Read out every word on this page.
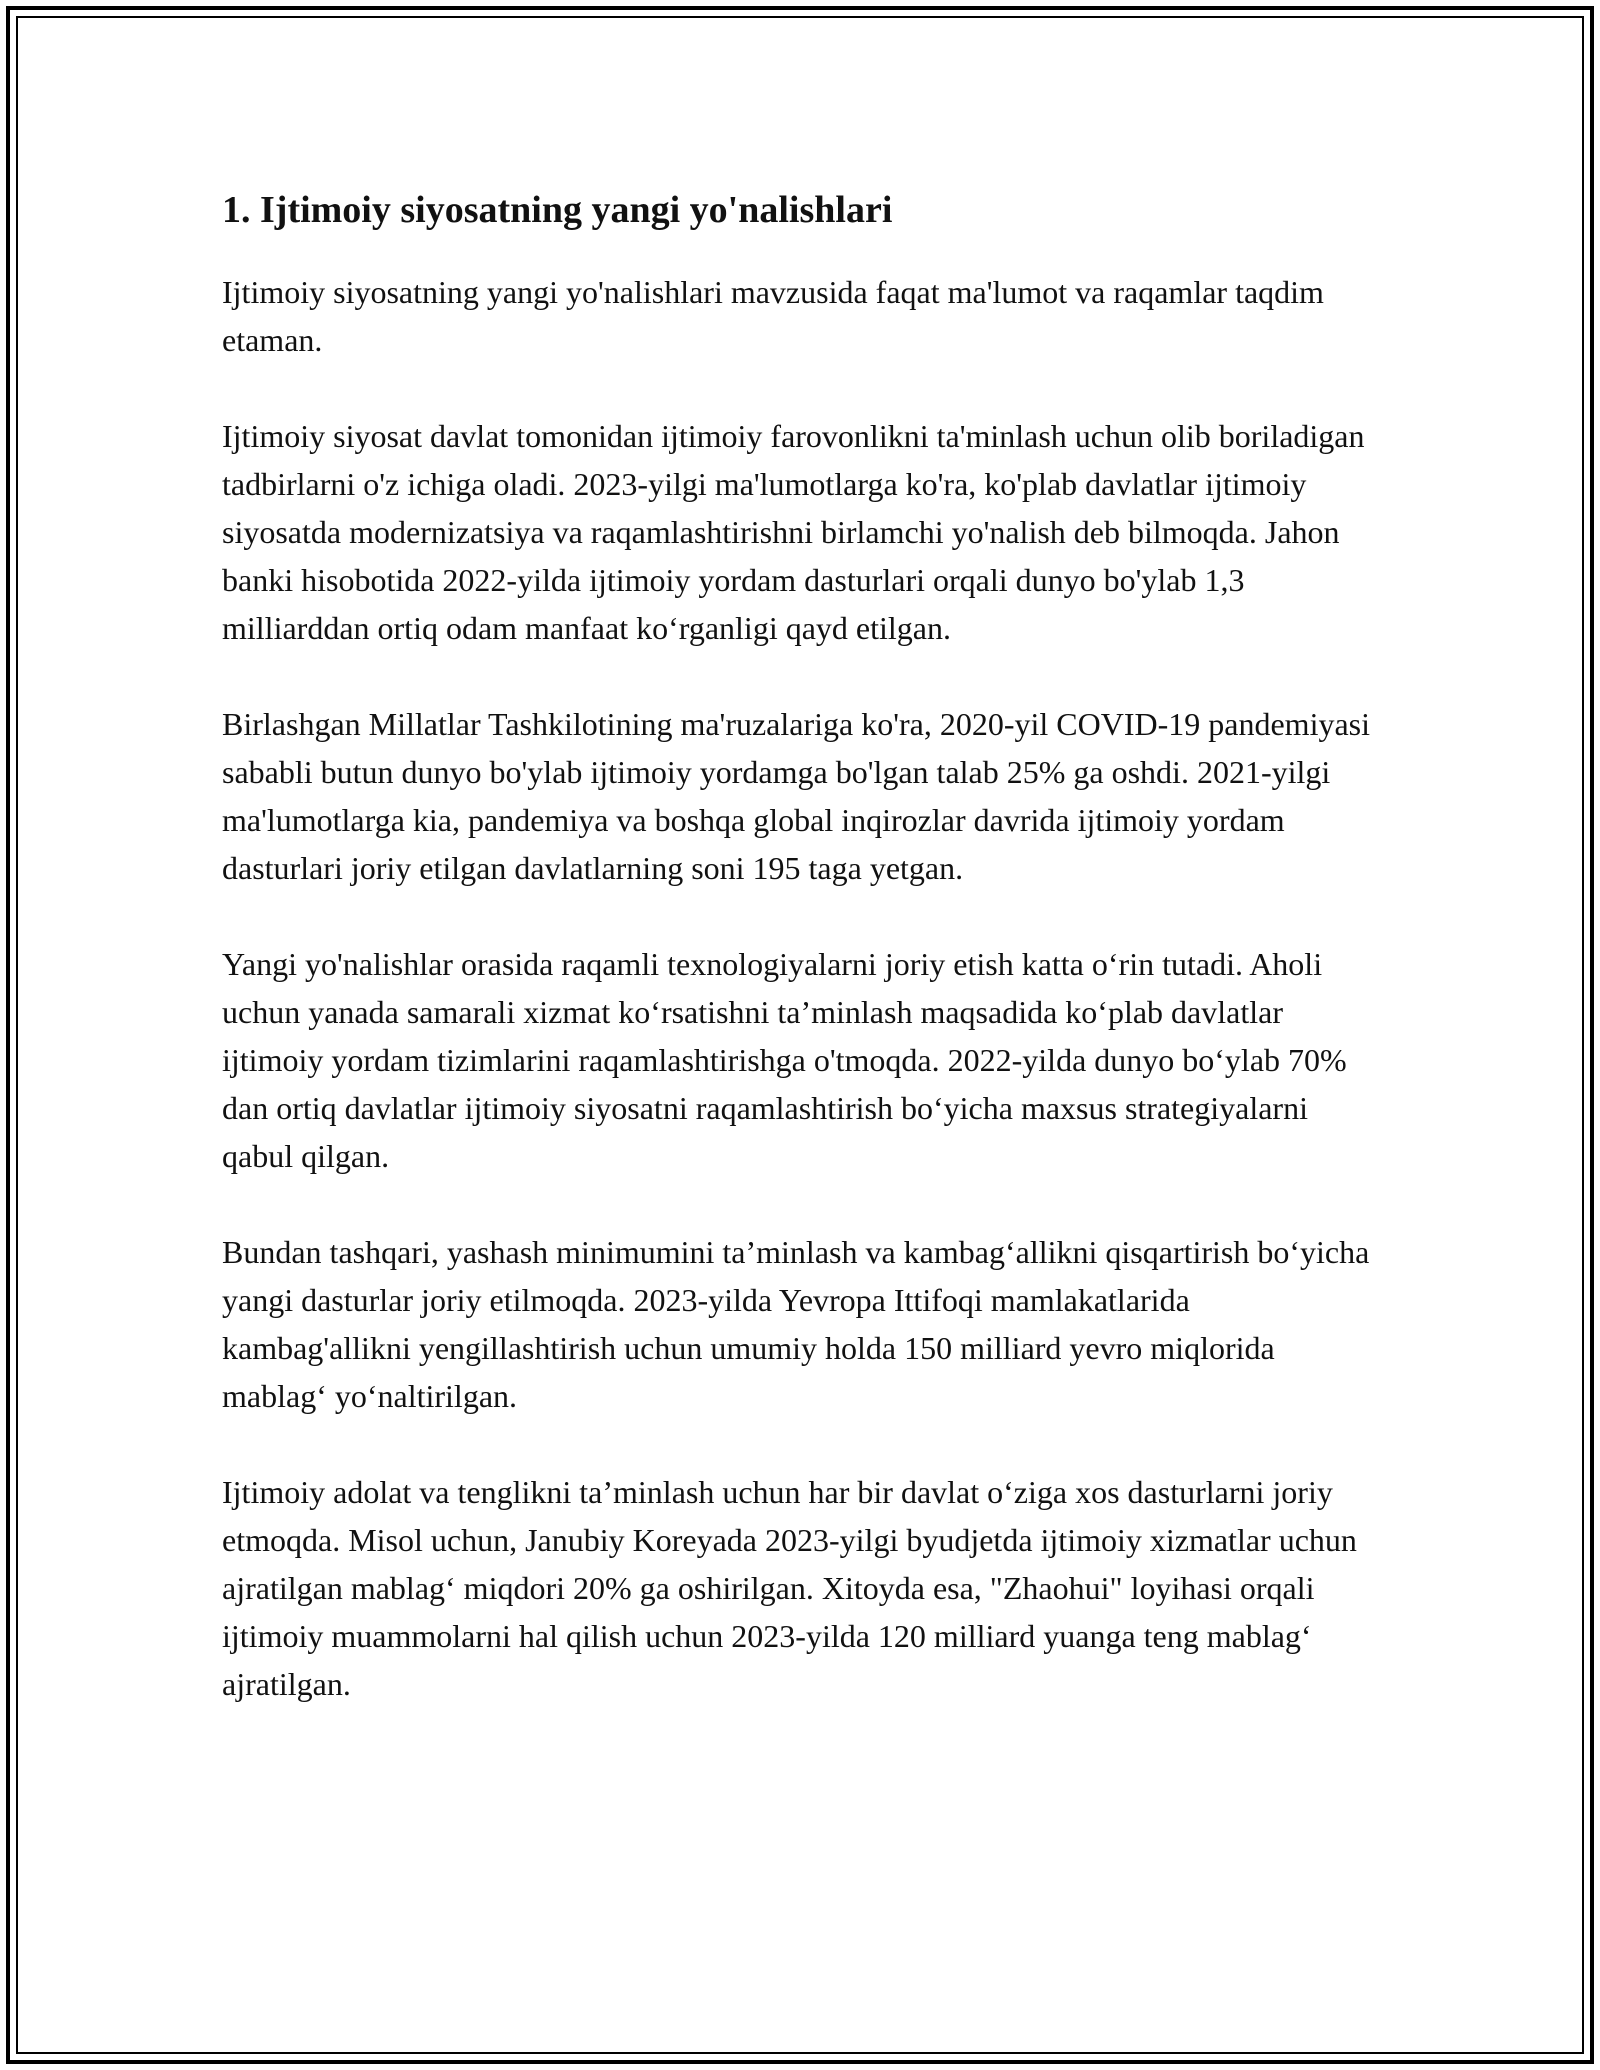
1. Ijtimoiy siyosatning yangi yo'nalishlari

Ijtimoiy siyosatning yangi yo'nalishlari mavzusida faqat ma'lumot va raqamlar taqdim etaman.

Ijtimoiy siyosat davlat tomonidan ijtimoiy farovonlikni ta'minlash uchun olib boriladigan tadbirlarni o'z ichiga oladi. 2023-yilgi ma'lumotlarga ko'ra, ko'plab davlatlar ijtimoiy siyosatda modernizatsiya va raqamlashtirishni birlamchi yo'nalish deb bilmoqda. Jahon banki hisobotida 2022-yilda ijtimoiy yordam dasturlari orqali dunyo bo'ylab 1,3 milliarddan ortiq odam manfaat ko‘rganligi qayd etilgan.

Birlashgan Millatlar Tashkilotining ma'ruzalariga ko'ra, 2020-yil COVID-19 pandemiyasi sababli butun dunyo bo'ylab ijtimoiy yordamga bo'lgan talab 25% ga oshdi. 2021-yilgi ma'lumotlarga kia, pandemiya va boshqa global inqirozlar davrida ijtimoiy yordam dasturlari joriy etilgan davlatlarning soni 195 taga yetgan.

Yangi yo'nalishlar orasida raqamli texnologiyalarni joriy etish katta o‘rin tutadi. Aholi uchun yanada samarali xizmat ko‘rsatishni ta’minlash maqsadida ko‘plab davlatlar ijtimoiy yordam tizimlarini raqamlashtirishga o'tmoqda. 2022-yilda dunyo bo‘ylab 70% dan ortiq davlatlar ijtimoiy siyosatni raqamlashtirish bo‘yicha maxsus strategiyalarni qabul qilgan.

Bundan tashqari, yashash minimumini ta’minlash va kambag‘allikni qisqartirish bo‘yicha yangi dasturlar joriy etilmoqda. 2023-yilda Yevropa Ittifoqi mamlakatlarida kambag'allikni yengillashtirish uchun umumiy holda 150 milliard yevro miqlorida mablag‘ yo‘naltirilgan.

Ijtimoiy adolat va tenglikni ta’minlash uchun har bir davlat o‘ziga xos dasturlarni joriy etmoqda. Misol uchun, Janubiy Koreyada 2023-yilgi byudjetda ijtimoiy xizmatlar uchun ajratilgan mablag‘ miqdori 20% ga oshirilgan. Xitoyda esa, "Zhaohui" loyihasi orqali ijtimoiy muammolarni hal qilish uchun 2023-yilda 120 milliard yuanga teng mablag‘ ajratilgan.
